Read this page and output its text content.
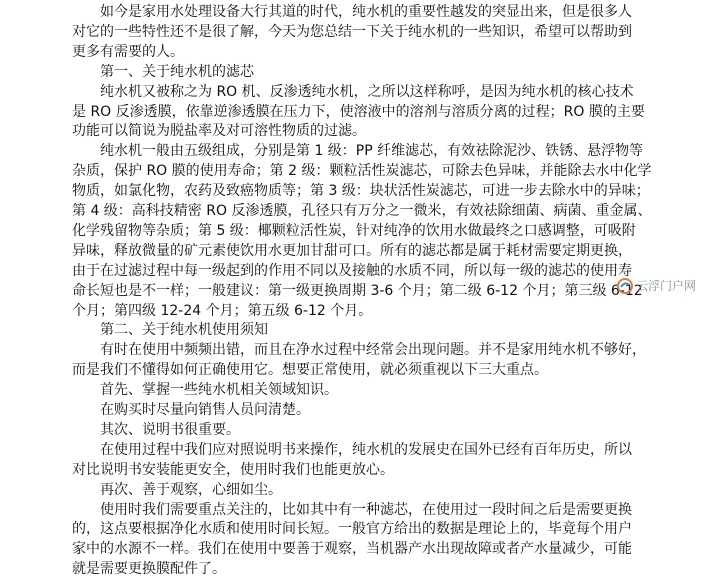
　　如今是家用水处理设备大行其道的时代，纯水机的重要性越发的突显出来，但是很多人
对它的一些特性还不是很了解，今天为您总结一下关于纯水机的一些知识，希望可以帮助到
更多有需要的人。
　　第一、关于纯水机的滤芯
　　纯水机又被称之为 RO 机、反渗透纯水机，之所以这样称呼，是因为纯水机的核心技术
是 RO 反渗透膜，依靠逆渗透膜在压力下，使溶液中的溶剂与溶质分离的过程；RO 膜的主要
功能可以简说为脱盐率及对可溶性物质的过滤。
　　纯水机一般由五级组成，分别是第 1 级：PP 纤维滤芯，有效祛除泥沙、铁锈、悬浮物等
杂质，保护 RO 膜的使用寿命；第 2 级：颗粒活性炭滤芯，可除去色异味，并能除去水中化学
物质，如氯化物，农药及致癌物质等；第 3 级：块状活性炭滤芯，可进一步去除水中的异味；
第 4 级：高科技精密 RO 反渗透膜，孔径只有万分之一微米，有效祛除细菌、病菌、重金属、
化学残留物等杂质；第 5 级：椰颗粒活性炭，针对纯净的饮用水做最终之口感调整，可吸附
异味，释放微量的矿元素使饮用水更加甘甜可口。所有的滤芯都是属于耗材需要定期更换，
由于在过滤过程中每一级起到的作用不同以及接触的水质不同，所以每一级的滤芯的使用寿
命长短也是不一样；一般建议：第一级更换周期 3-6 个月；第二级 6-12 个月；第三级 6-12
个月；第四级 12-24 个月；第五级 6-12 个月。
　　第二、关于纯水机使用须知
　　有时在使用中频频出错，而且在净水过程中经常会出现问题。并不是家用纯水机不够好，
而是我们不懂得如何正确使用它。想要正常使用，就必须重视以下三大重点。
　　首先、掌握一些纯水机相关领域知识。
　　在购买时尽量向销售人员问清楚。
　　其次、说明书很重要。
　　在使用过程中我们应对照说明书来操作，纯水机的发展史在国外已经有百年历史，所以
对比说明书安装能更安全，使用时我们也能更放心。
　　再次、善于观察，心细如尘。
　　使用时我们需要重点关注的，比如其中有一种滤芯，在使用过一段时间之后是需要更换
的，这点要根据净化水质和使用时间长短。一般官方给出的数据是理论上的，毕竟每个用户
家中的水源不一样。我们在使用中要善于观察，当机器产水出现故障或者产水量减少，可能
就是需要更换膜配件了。
云浮门户网
